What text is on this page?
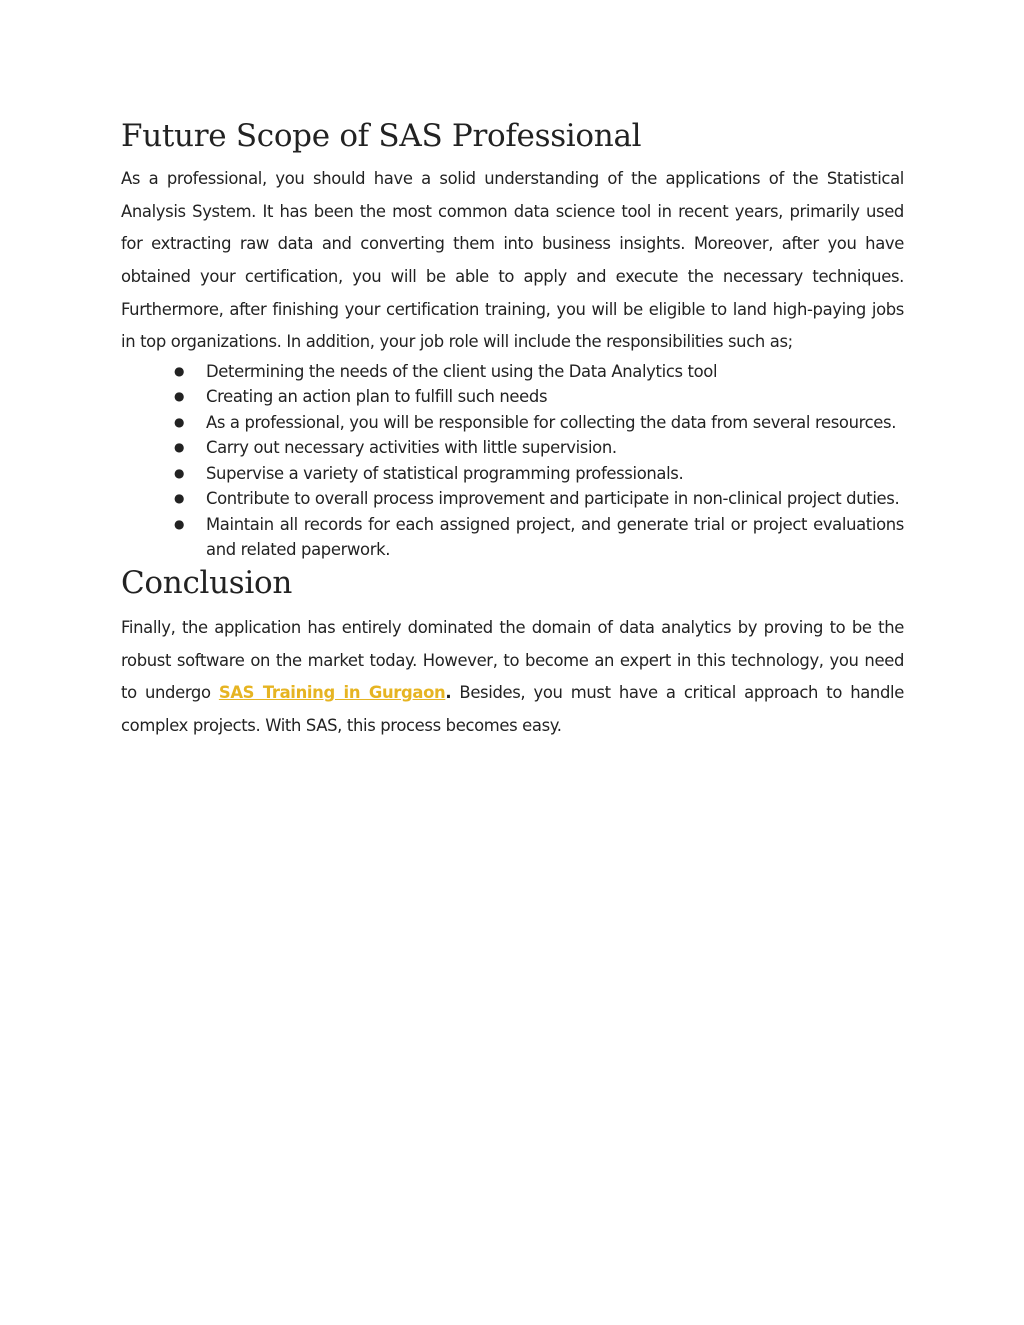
Future Scope of SAS Professional

As a professional, you should have a solid understanding of the applications of the Statistical Analysis System. It has been the most common data science tool in recent years, primarily used for extracting raw data and converting them into business insights. Moreover, after you have obtained your certification, you will be able to apply and execute the necessary techniques. Furthermore, after finishing your certification training, you will be eligible to land high-paying jobs in top organizations. In addition, your job role will include the responsibilities such as;

● Determining the needs of the client using the Data Analytics tool
● Creating an action plan to fulfill such needs
● As a professional, you will be responsible for collecting the data from several resources.
● Carry out necessary activities with little supervision.
● Supervise a variety of statistical programming professionals.
● Contribute to overall process improvement and participate in non-clinical project duties.
● Maintain all records for each assigned project, and generate trial or project evaluations and related paperwork.
Conclusion

Finally, the application has entirely dominated the domain of data analytics by proving to be the robust software on the market today. However, to become an expert in this technology, you need to undergo SAS Training in Gurgaon. Besides, you must have a critical approach to handle complex projects. With SAS, this process becomes easy.
